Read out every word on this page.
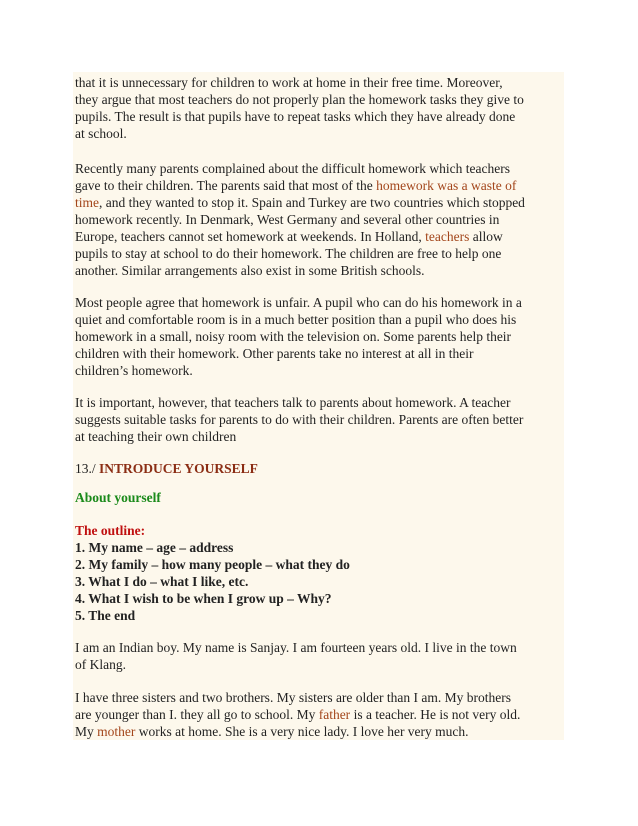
that it is unnecessary for children to work at home in their free time. Moreover,
they argue that most teachers do not properly plan the homework tasks they give to
pupils. The result is that pupils have to repeat tasks which they have already done
at school.

Recently many parents complained about the difficult homework which teachers
gave to their children. The parents said that most of the homework was a waste of
time, and they wanted to stop it. Spain and Turkey are two countries which stopped
homework recently. In Denmark, West Germany and several other countries in
Europe, teachers cannot set homework at weekends. In Holland, teachers allow
pupils to stay at school to do their homework. The children are free to help one
another. Similar arrangements also exist in some British schools.

Most people agree that homework is unfair. A pupil who can do his homework in a
quiet and comfortable room is in a much better position than a pupil who does his
homework in a small, noisy room with the television on. Some parents help their
children with their homework. Other parents take no interest at all in their
children’s homework.

It is important, however, that teachers talk to parents about homework. A teacher
suggests suitable tasks for parents to do with their children. Parents are often better
at teaching their own children

13./ INTRODUCE YOURSELF

About yourself

The outline:
1. My name – age – address
2. My family – how many people – what they do
3. What I do – what I like, etc.
4. What I wish to be when I grow up – Why?
5. The end

I am an Indian boy. My name is Sanjay. I am fourteen years old. I live in the town
of Klang.

I have three sisters and two brothers. My sisters are older than I am. My brothers
are younger than I. they all go to school. My father is a teacher. He is not very old.
My mother works at home. She is a very nice lady. I love her very much.
